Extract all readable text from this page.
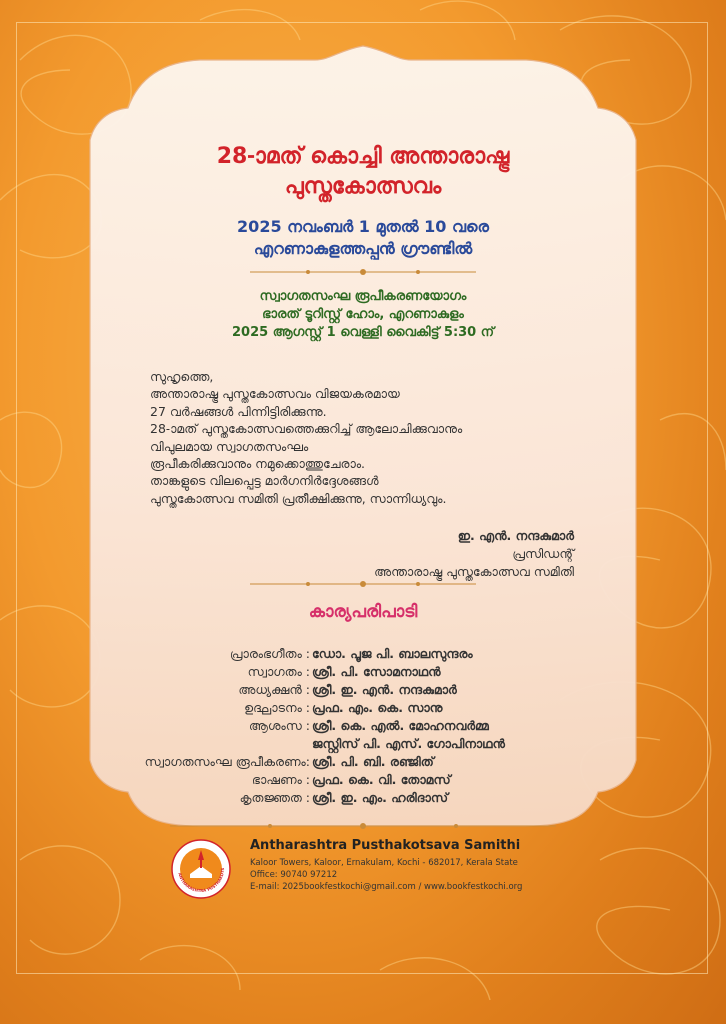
28-ാമത് കൊച്ചി അന്താരാഷ്ട്ര
പുസ്തകോത്സവം
2025 നവംബർ 1 മുതൽ 10 വരെ
എറണാകുളത്തപ്പൻ ഗ്രൗണ്ടിൽ
സ്വാഗതസംഘ രൂപീകരണയോഗം
ഭാരത് ടൂറിസ്റ്റ് ഹോം, എറണാകുളം
2025 ആഗസ്റ്റ് 1 വെള്ളി വൈകിട്ട് 5:30 ന്

സുഹൃത്തെ,

അന്താരാഷ്ട്ര പുസ്തകോത്സവം വിജയകരമായ

27 വർഷങ്ങൾ പിന്നിട്ടിരിക്കുന്നു.

28-ാമത് പുസ്തകോത്സവത്തെക്കുറിച്ച് ആലോചിക്കുവാനും

വിപുലമായ സ്വാഗതസംഘം

രൂപീകരിക്കുവാനും നമുക്കൊത്തുചേരാം.

താങ്കളുടെ വിലപ്പെട്ട മാർഗനിർദ്ദേശങ്ങൾ

പുസ്തകോത്സവ സമിതി പ്രതീക്ഷിക്കുന്നു, സാന്നിധ്യവും.

ഇ. എൻ. നന്ദകുമാർ
പ്രസിഡന്റ്
അന്താരാഷ്ട്ര പുസ്തകോത്സവ സമിതി
കാര്യപരിപാടി
പ്രാരംഭഗീതം : ഡോ. പൂജ പി. ബാലസുന്ദരം
സ്വാഗതം : ശ്രീ. പി. സോമനാഥൻ
അധ്യക്ഷൻ : ശ്രീ. ഇ. എൻ. നന്ദകുമാർ
ഉദ്ഘാടനം : പ്രഫ. എം. കെ. സാനു
ആശംസ : ശ്രീ. കെ. എൽ. മോഹനവർമ്മ
ജസ്റ്റിസ് പി. എസ്. ഗോപിനാഥൻ
സ്വാഗതസംഘ രൂപീകരണം: ശ്രീ. പി. ബി. രഞ്ജിത്
ഭാഷണം : പ്രഫ. കെ. വി. തോമസ്
കൃതജ്ഞത : ശ്രീ. ഇ. എം. ഹരിദാസ്
ANTHARASHTRA PUSTHAKOTS

Antharashtra Pusthakotsava Samithi

Kaloor Towers, Kaloor, Ernakulam, Kochi - 682017, Kerala State

Office: 90740 97212

E-mail: 2025bookfestkochi@gmail.com / www.bookfestkochi.org
